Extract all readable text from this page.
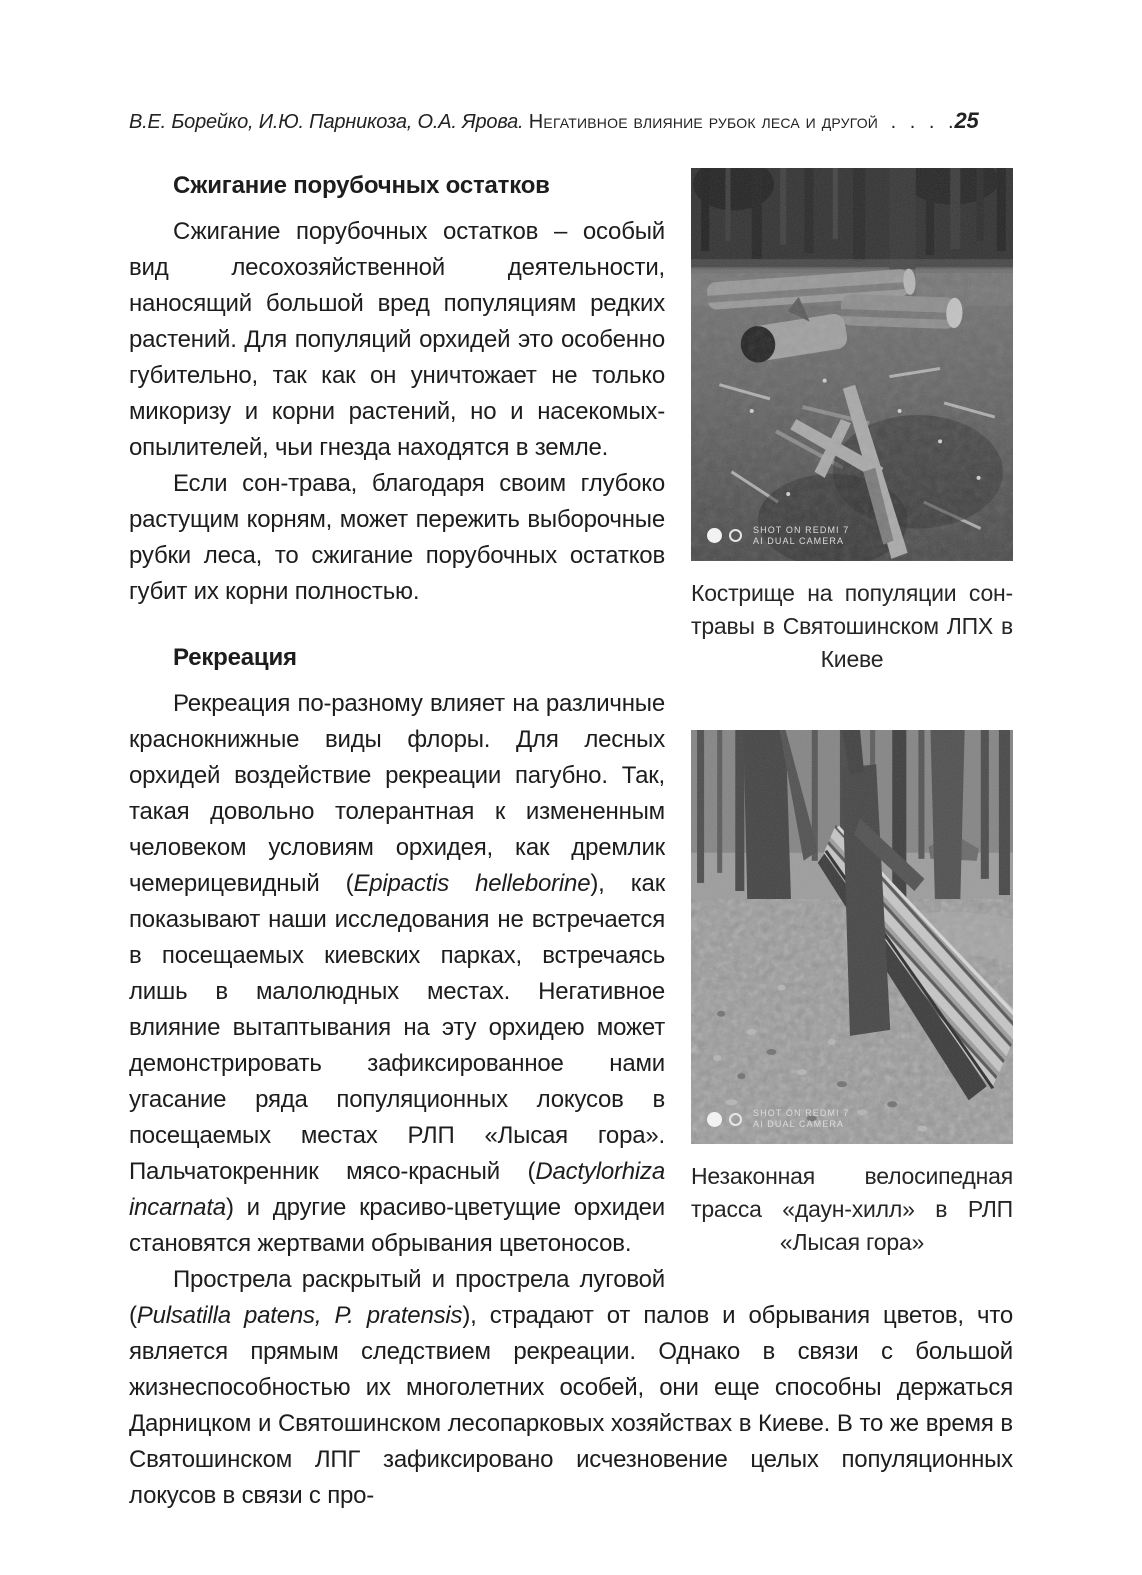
В.Е. Борейко, И.Ю. Парникоза, О.А. Ярова. Негативное влияние рубок леса и другой . . . .25
SHOT ON REDMI 7
AI DUAL CAMERA
Кострище на популяции сон-травы в Святошинском ЛПХ в Киеве
SHOT ON REDMI 7
AI DUAL CAMERA
Незаконная велосипедная трасса «даун-хилл» в РЛП «Лысая гора»
Сжигание порубочных остатков

Сжигание порубочных остатков – особый вид лесохозяйственной деятельности, наносящий большой вред популяциям редких растений. Для популяций орхидей это особенно губительно, так как он уничтожает не только микоризу и корни растений, но и насекомых-опылителей, чьи гнезда находятся в земле.

Если сон-трава, благодаря своим глубоко растущим корням, может пережить выборочные рубки леса, то сжигание порубочных остатков губит их корни полностью.

Рекреация

Рекреация по-разному влияет на различные краснокнижные виды флоры. Для лесных орхидей воздействие рекреации пагубно. Так, такая довольно толерантная к измененным человеком условиям орхидея, как дремлик чемерицевидный (Epipactis helleborine), как показывают наши исследования не встречается в посещаемых киевских парках, встречаясь лишь в малолюдных местах. Негативное влияние вытаптывания на эту орхидею может демонстрировать зафиксированное нами угасание ряда популяционных локусов в посещаемых местах РЛП «Лысая гора». Пальчатокренник мясо-красный (Dactylorhiza incarnata) и другие красиво-цветущие орхидеи становятся жертвами обрывания цветоносов.

Прострела раскрытый и прострела луговой (Pulsatilla patens, P. pratensis), страдают от палов и обрывания цветов, что является прямым следствием рекреации. Однако в связи с большой жизнеспособностью их многолетних особей, они еще способны держаться Дарницком и Святошинском лесопарковых хозяйствах в Киеве. В то же время в Святошинском ЛПГ зафиксировано исчезновение целых популяционных локусов в связи с про-
